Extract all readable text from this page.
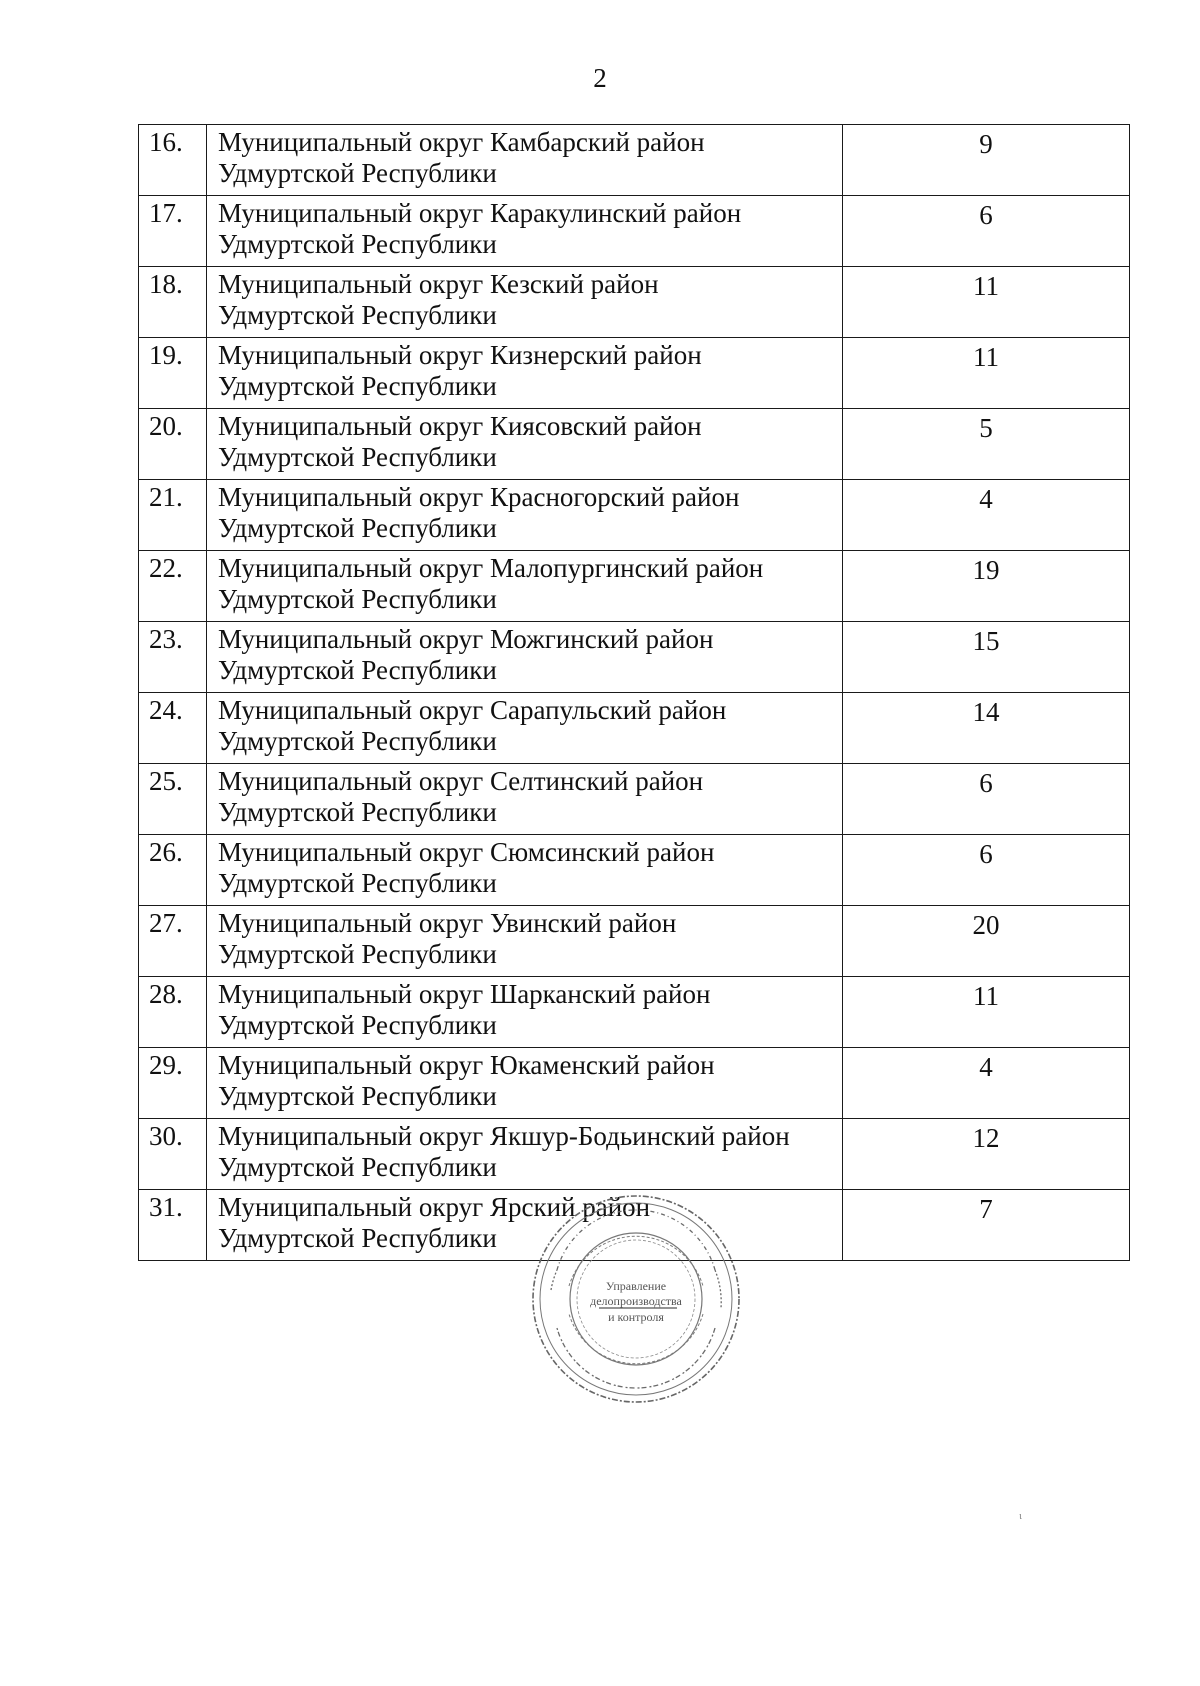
2
16.	Муниципальный округ Камбарский район
Удмуртской Республики	9
17.	Муниципальный округ Каракулинский район
Удмуртской Республики	6
18.	Муниципальный округ Кезский район
Удмуртской Республики	11
19.	Муниципальный округ Кизнерский район
Удмуртской Республики	11
20.	Муниципальный округ Киясовский район
Удмуртской Республики	5
21.	Муниципальный округ Красногорский район
Удмуртской Республики	4
22.	Муниципальный округ Малопургинский район
Удмуртской Республики	19
23.	Муниципальный округ Можгинский район
Удмуртской Республики	15
24.	Муниципальный округ Сарапульский район
Удмуртской Республики	14
25.	Муниципальный округ Селтинский район
Удмуртской Республики	6
26.	Муниципальный округ Сюмсинский район
Удмуртской Республики	6
27.	Муниципальный округ Увинский район
Удмуртской Республики	20
28.	Муниципальный округ Шарканский район
Удмуртской Республики	11
29.	Муниципальный округ Юкаменский район
Удмуртской Республики	4
30.	Муниципальный округ Якшур-Бодьинский район
Удмуртской Республики	12
31.	Муниципальный округ Ярский район
Удмуртской Республики	7
Управление
делопроизводства
и контроля
ι
